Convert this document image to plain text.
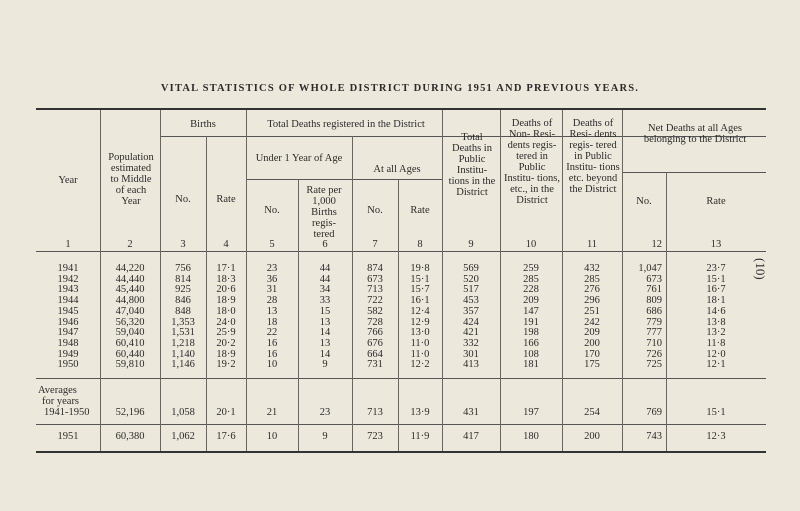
VITAL STATISTICS OF WHOLE DISTRICT DURING 1951 AND PREVIOUS YEARS.
Year
Population estimated to Middle of each Year
Births
No.	Rate
Total Deaths registered in the District
Under 1 Year of Age
At all Ages
No.
Rate per 1,000 Births regis- tered
No.	Rate
Total Deaths in Public Institu- tions in the District
Deaths of Non- Resi- dents regis- tered in Public Institu- tions, etc., in the District
Deaths of Resi- dents regis- tered in Public Institu- tions etc. beyond the District
Net Deaths at all Ages belonging to the District
No.	Rate
1	2	3	4	5	6	7	8	9	10	11	12	13
1941	44,220	756	17·1	23	44	874	19·8	569	259	432	1,047	23·7
1942	44,440	814	18·3	36	44	673	15·1	520	285	285	673	15·1
1943	45,440	925	20·6	31	34	713	15·7	517	228	276	761	16·7
1944	44,800	846	18·9	28	33	722	16·1	453	209	296	809	18·1
1945	47,040	848	18·0	13	15	582	12·4	357	147	251	686	14·6
1946	56,320	1,353	24·0	18	13	728	12·9	424	191	242	779	13·8
1947	59,040	1,531	25·9	22	14	766	13·0	421	198	209	777	13·2
1948	60,410	1,218	20·2	16	13	676	11·0	332	166	200	710	11·8
1949	60,440	1,140	18·9	16	14	664	11·0	301	108	170	726	12·0
1950	59,810	1,146	19·2	10	9	731	12·2	413	181	175	725	12·1
Averages
for years
1941-1950	52,196	1,058	20·1	21	23	713	13·9	431	197	254	769	15·1
1951	60,380	1,062	17·6	10	9	723	11·9	417	180	200	743	12·3
(10)
